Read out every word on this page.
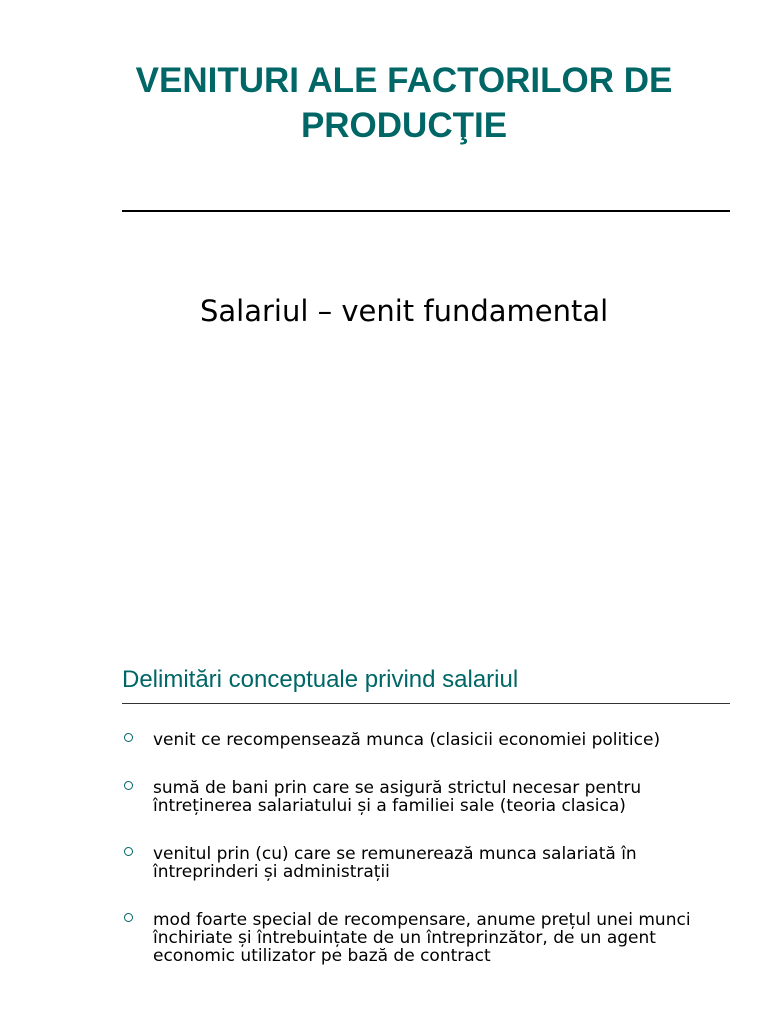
VENITURI ALE FACTORILOR DE PRODUCŢIE
Salariul – venit fundamental
Delimitări conceptuale privind salariul
venit ce recompensează munca (clasicii economiei politice)
sumă de bani prin care se asigură strictul necesar pentru întreținerea salariatului și a familiei sale (teoria clasica)
venitul prin (cu) care se remunerează munca salariată în întreprinderi și administrații
mod foarte special de recompensare, anume prețul unei munci închiriate și întrebuințate de un întreprinzător, de un agent economic utilizator pe bază de contract
